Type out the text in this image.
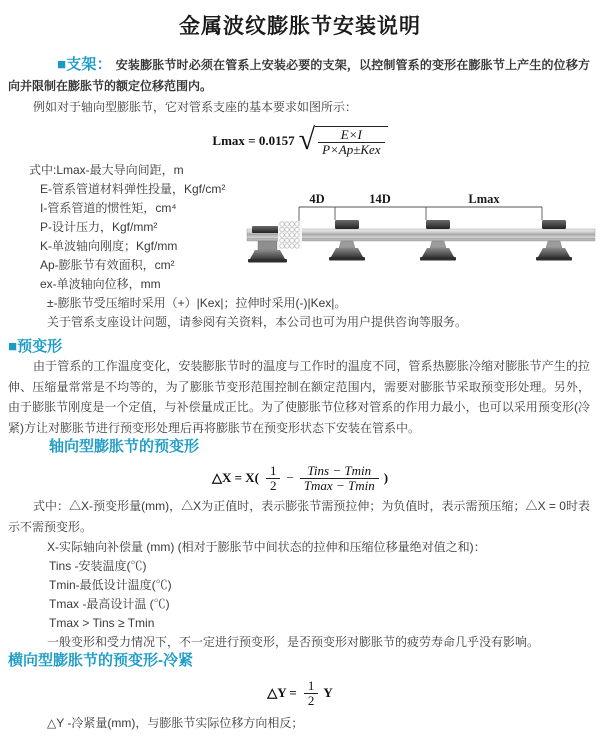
金属波纹膨胀节安装说明

■支架： 安装膨胀节时必须在管系上安装必要的支架，以控制管系的变形在膨胀节上产生的位移方向并限制在膨胀节的额定位移范围内。

例如对于轴向型膨胀节，它对管系支座的基本要求如图所示：

Lmax = 0.0157 √ $\frac{E\times I}{\text{P×Ap±Kex}}$
式中:Lmax-最大导向间距，m
E-管系管道材料弹性投量，Kgf/cm²
I-管系管道的惯性矩，cm⁴
P-设计压力，Kgf/mm²
K-单波轴向刚度；Kgf/mm
Ap-膨胀节有效面积，cm²
ex-单波轴向位移，mm
±-膨胀节受压缩时采用（+）|Kex|；拉伸时采用(-)|Kex|。
关于管系支座设计问题，请参阅有关资料，本公司也可为用户提供咨询等服务。
4D	14D	Lmax
■预变形

由于管系的工作温度变化，安装膨胀节时的温度与工作时的温度不同，管系热膨胀冷缩对膨胀节产生的拉伸、压缩量常常是不均等的，为了膨胀节变形范围控制在额定范围内，需要对膨胀节采取预变形处理。另外，由于膨胀节刚度是一个定值，与补偿量成正比。为了使膨胀节位移对管系的作用力最小，也可以采用预变形(冷紧)方让对膨胀节进行预变形处理后再将膨胀节在预变形状态下安装在管系中。

轴向型膨胀节的预变形
△X = $X( \frac{1}{2} - \frac{\text{Tins − Tmin}}{Tmax - Tmin}$ )

式中：△X-预变形量(mm)，△X为正值时，表示膨张节需预拉伸；为负值时，表示需预压缩；△X = 0时表示不需预变形。

X-实际轴向补偿量 (mm) (相对于膨胀节中间状态的拉伸和压缩位移量绝对值之和)：
Tins -安装温度(℃)
Tmin-最低设计温度(℃)
Tmax -最高设计温 (℃)
Tmax > Tins ≥ Tmin
一般变形和受力情况下，不一定进行预变形，是否预变形对膨胀节的疲劳寿命几乎没有影响。
横向型膨胀节的预变形-冷紧
△Y = $\frac{1}{2}$ Y
△Y -冷紧量(mm)，与膨胀节实际位移方向相反；
